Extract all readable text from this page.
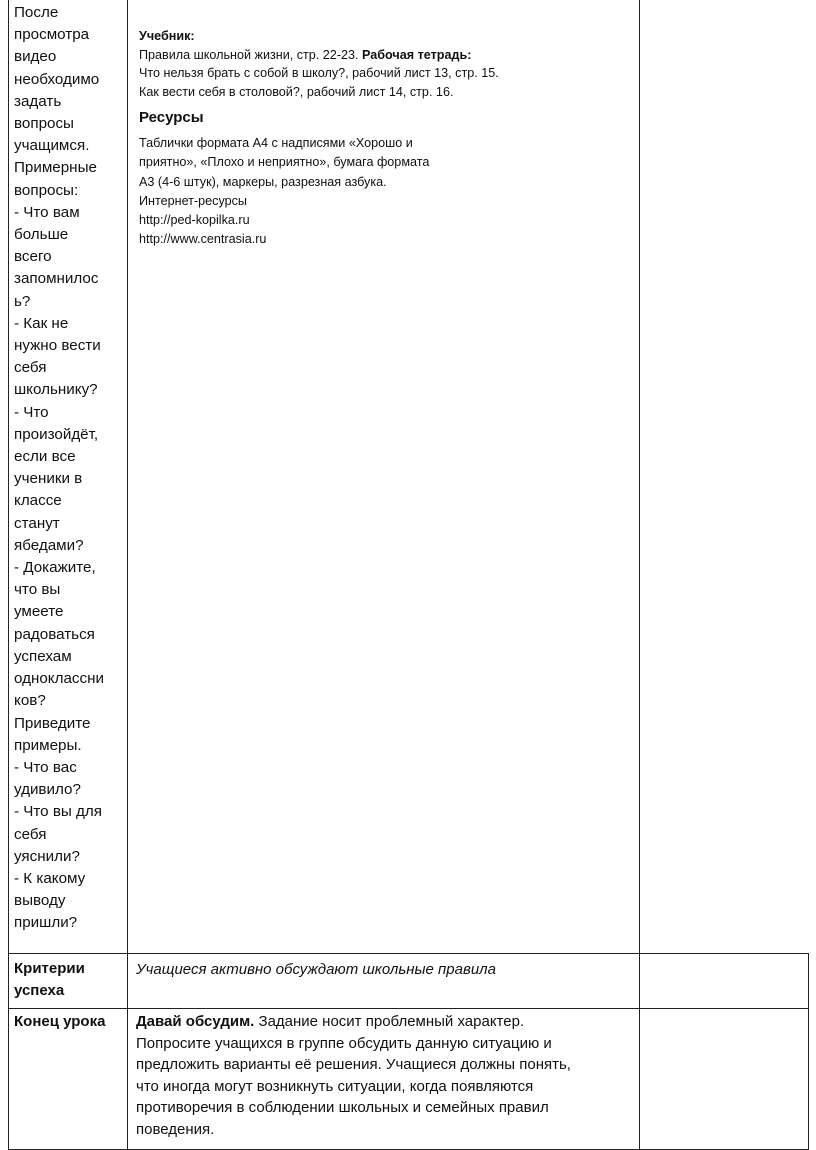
После

просмотра

видео

необходимо

задать

вопросы

учащимся.

Примерные

вопросы:

- Что вам

больше

всего

запомнилос

ь?

- Как не

нужно вести

себя

школьнику?

- Что

произойдёт,

если все

ученики в

классе

станут

ябедами?

- Докажите,

что вы

умеете

радоваться

успехам

одноклассни

ков?

Приведите

примеры.

- Что вас

удивило?

- Что вы для

себя

уяснили?

- К какому

выводу

пришли?

Учебник:

Правила школьной жизни, стр. 22-23. Рабочая тетрадь:

Что нельзя брать с собой в школу?, рабочий лист 13, стр. 15.

Как вести себя в столовой?, рабочий лист 14, стр. 16.

Ресурсы

Таблички формата А4 с надписями «Хорошо и

приятно», «Плохо и неприятно», бумага формата

А3 (4-6 штук), маркеры, разрезная азбука.

Интернет-ресурсы

http://ped-kopilka.ru

http://www.centrasia.ru

Критерии
успеха
Учащиеся активно обсуждают школьные правила
Конец урока	Давай обсудим. Задание носит проблемный характер.
Попросите учащихся в группе обсудить данную ситуацию и
предложить варианты её решения. Учащиеся должны понять,
что иногда могут возникнуть ситуации, когда появляются
противоречия в соблюдении школьных и семейных правил
поведения.
